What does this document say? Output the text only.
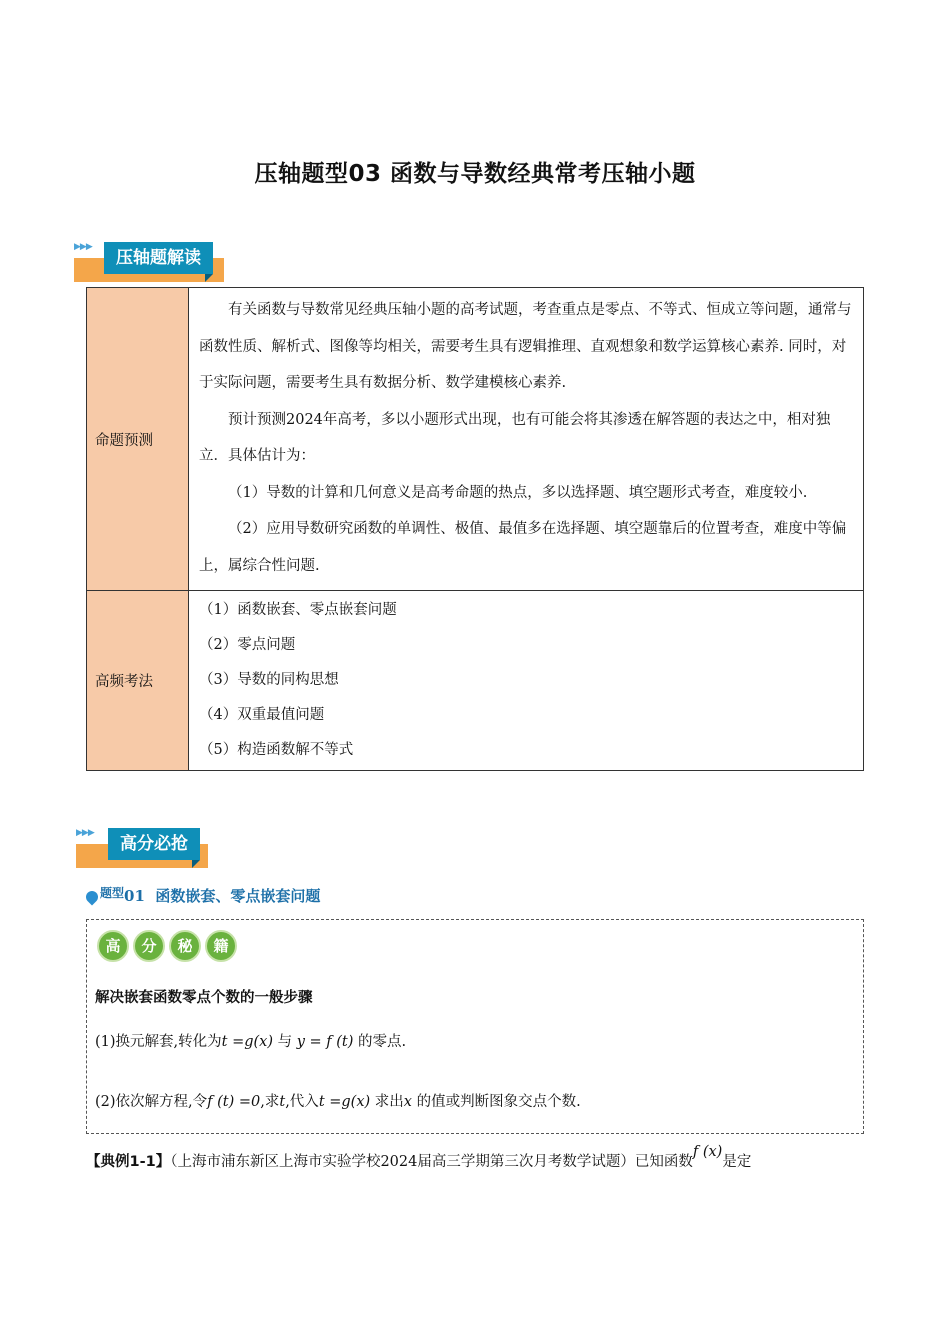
压轴题型03 函数与导数经典常考压轴小题
▶▶▶
压轴题解读
命题预测	有关函数与导数常见经典压轴小题的高考试题，考查重点是零点、不等式、恒成立等问题，通常与函数性质、解析式、图像等均相关，需要考生具有逻辑推理、直观想象和数学运算核心素养. 同时，对于实际问题，需要考生具有数据分析、数学建模核心素养.

预计预测2024年高考，多以小题形式出现，也有可能会将其渗透在解答题的表达之中，相对独立．具体估计为：

（1）导数的计算和几何意义是高考命题的热点，多以选择题、填空题形式考查，难度较小.

（2）应用导数研究函数的单调性、极值、最值多在选择题、填空题靠后的位置考查，难度中等偏上，属综合性问题.

高频考法	（1）函数嵌套、零点嵌套问题

（2）零点问题

（3）导数的同构思想

（4）双重最值问题

（5）构造函数解不等式

▶▶▶
高分必抢
$^{题型}$01 函数嵌套、零点嵌套问题
高 分 秘 籍
解决嵌套函数零点个数的一般步骤
(1)换元解套,转化为t =g(x) 与 y = f (t) 的零点.
(2)依次解方程,令f (t) =0,求t,代入t =g(x) 求出x 的值或判断图象交点个数.
【典例1-1】（上海市浦东新区上海市实验学校2024届高三学期第三次月考数学试题）已知函数f (x)是定
